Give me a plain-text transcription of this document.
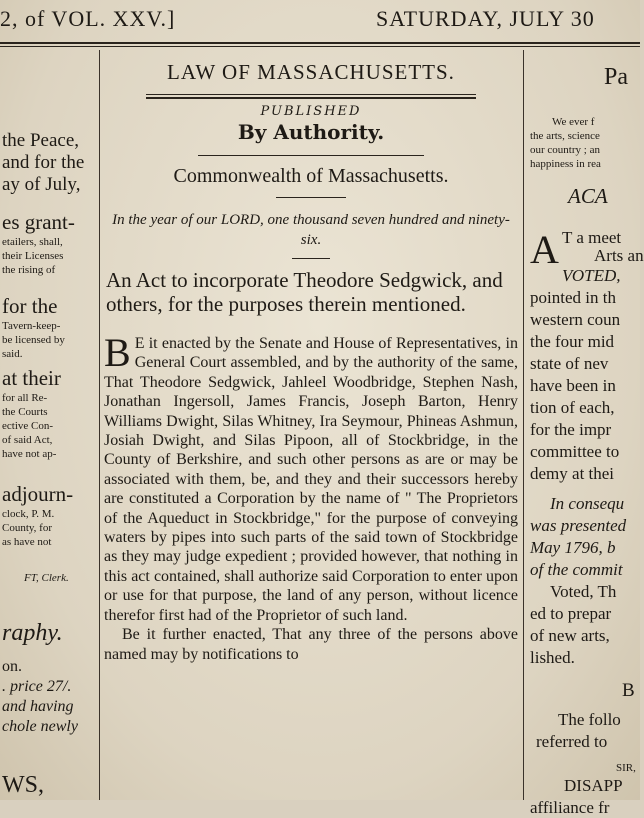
2, of VOL. XXV.]	SATURDAY, JULY 30
the Peace,
and for the
ay of July,
es grant-
etailers, shall,
their Licenses
the rising of
for the
Tavern-keep-
be licensed by
said.
at their
for all Re-
the Courts
ective Con-
of said Act,
have not ap-
adjourn-
clock, P. M.
County, for
as have not
FT, Clerk.
raphy.
on.
. price 27/.
and having
chole newly
WS,
LAW OF MASSACHUSETTS.
PUBLISHED
By Authority.
Commonwealth of Massachusetts.
In the year of our LORD, one thousand seven hundred and ninety-six.
An Act to incorporate Theodore Sedgwick, and others, for the purposes therein mentioned.

B E it enacted by the Senate and House of Representatives, in General Court assembled, and by the authority of the same, That Theodore Sedgwick, Jahleel Woodbridge, Stephen Nash, Jonathan Ingersoll, James Francis, Joseph Barton, Henry Williams Dwight, Silas Whitney, Ira Seymour, Phineas Ashmun, Josiah Dwight, and Silas Pipoon, all of Stockbridge, in the County of Berkshire, and such other persons as are or may be associated with them, be, and they and their successors hereby are constituted a Corporation by the name of " The Proprietors of the Aqueduct in Stockbridge," for the purpose of conveying waters by pipes into such parts of the said town of Stockbridge as they may judge expedient ; provided however, that nothing in this act contained, shall authorize said Corporation to enter upon or use for that purpose, the land of any person, without licence therefor first had of the Proprietor of such land.

Be it further enacted, That any three of the persons above named may by notifications to

Pa
We ever f
the arts, science
our country ; an
happiness in rea
ACA
A T a meet
Arts an
VOTED,
pointed in th
western coun
the four mid
state of nev
have been in
tion of each,
for the impr
committee to
demy at thei
In consequ
was presented
May 1796, b
of the commit
Voted, Th
ed to prepar
of new arts,
lished.
B
The follo
referred to
SIR,
DISAPP
affiliance fr
